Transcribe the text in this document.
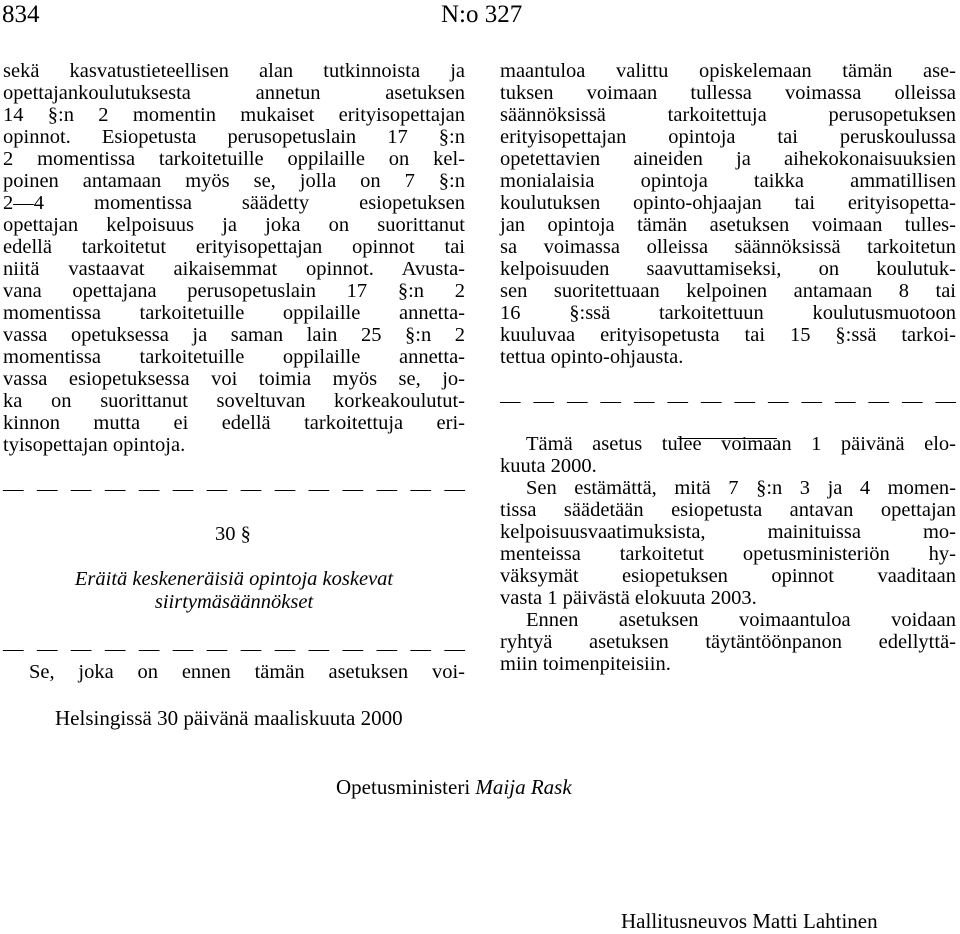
834	N:o 327
sekä kasvatustieteellisen alan tutkinnoista ja
opettajankoulutuksesta annetun asetuksen
14 §:n 2 momentin mukaiset erityisopettajan
opinnot. Esiopetusta perusopetuslain 17 §:n
2 momentissa tarkoitetuille oppilaille on kel-
poinen antamaan myös se, jolla on 7 §:n
2—4 momentissa säädetty esiopetuksen
opettajan kelpoisuus ja joka on suorittanut
edellä tarkoitetut erityisopettajan opinnot tai
niitä vastaavat aikaisemmat opinnot. Avusta-
vana opettajana perusopetuslain 17 §:n 2
momentissa tarkoitetuille oppilaille annetta-
vassa opetuksessa ja saman lain 25 §:n 2
momentissa tarkoitetuille oppilaille annetta-
vassa esiopetuksessa voi toimia myös se, jo-
ka on suorittanut soveltuvan korkeakoulutut-
kinnon mutta ei edellä tarkoitettuja eri-
tyisopettajan opintoja.
— — — — — — — — — — — — — —
30 §
Eräitä keskeneräisiä opintoja koskevat
siirtymäsäännökset
— — — — — — — — — — — — — —
Se, joka on ennen tämän asetuksen voi-
maantuloa valittu opiskelemaan tämän ase-
tuksen voimaan tullessa voimassa olleissa
säännöksissä tarkoitettuja perusopetuksen
erityisopettajan opintoja tai peruskoulussa
opetettavien aineiden ja aihekokonaisuuksien
monialaisia opintoja taikka ammatillisen
koulutuksen opinto-ohjaajan tai erityisopetta-
jan opintoja tämän asetuksen voimaan tulles-
sa voimassa olleissa säännöksissä tarkoitetun
kelpoisuuden saavuttamiseksi, on koulutuk-
sen suoritettuaan kelpoinen antamaan 8 tai
16 §:ssä tarkoitettuun koulutusmuotoon
kuuluvaa erityisopetusta tai 15 §:ssä tarkoi-
tettua opinto-ohjausta.
— — — — — — — — — — — — — —
Tämä asetus tulee voimaan 1 päivänä elo-
kuuta 2000.
Sen estämättä, mitä 7 §:n 3 ja 4 momen-
tissa säädetään esiopetusta antavan opettajan
kelpoisuusvaatimuksista, mainituissa mo-
menteissa tarkoitetut opetusministeriön hy-
väksymät esiopetuksen opinnot vaaditaan
vasta 1 päivästä elokuuta 2003.
Ennen asetuksen voimaantuloa voidaan
ryhtyä asetuksen täytäntöönpanon edellyttä-
miin toimenpiteisiin.
Helsingissä 30 päivänä maaliskuuta 2000
Opetusministeri Maija Rask
Hallitusneuvos Matti Lahtinen
